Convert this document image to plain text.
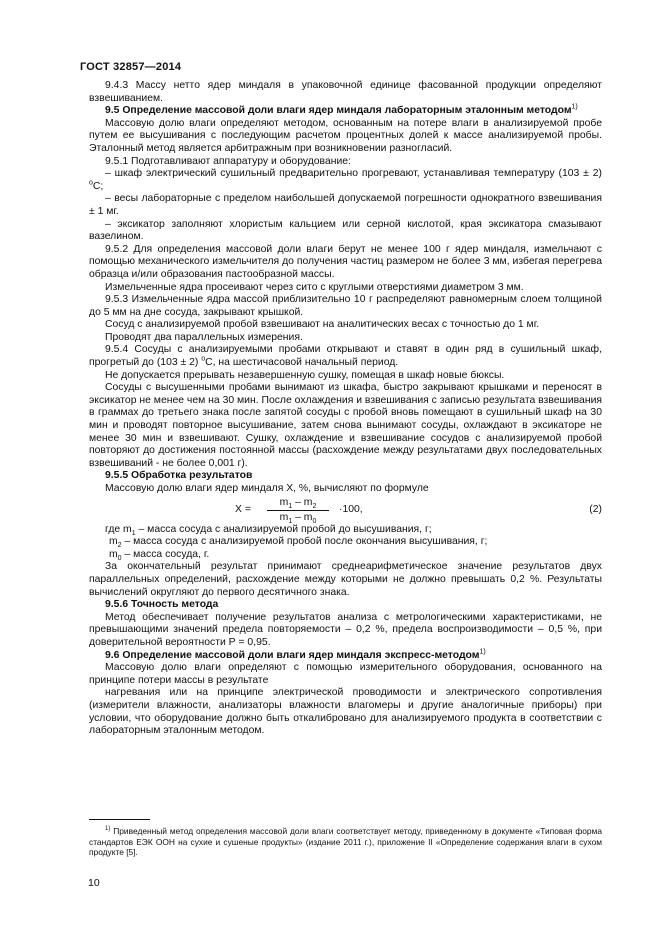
ГОСТ 32857—2014

9.4.3 Массу нетто ядер миндаля в упаковочной единице фасованной продукции определяют взвешиванием.

9.5 Определение массовой доли влаги ядер миндаля лабораторным эталонным методом$^{1)}$

Массовую долю влаги определяют методом, основанным на потере влаги в анализируемой пробе путем ее высушивания с последующим расчетом процентных долей к массе анализируемой пробы. Эталонный метод является арбитражным при возникновении разногласий.

9.5.1 Подготавливают аппаратуру и оборудование:

– шкаф электрический сушильный предварительно прогревают, устанавливая температуру (103 ± 2) $^o$С;

– весы лабораторные с пределом наибольшей допускаемой погрешности однократного взвешивания ± 1 мг.

– эксикатор заполняют хлористым кальцием или серной кислотой, края эксикатора смазывают вазелином.

9.5.2 Для определения массовой доли влаги берут не менее 100 г ядер миндаля, измельчают с помощью механического измельчителя до получения частиц размером не более 3 мм, избегая перегрева образца и/или образования пастообразной массы.

Измельченные ядра просеивают через сито с круглыми отверстиями диаметром 3 мм.

9.5.3 Измельченные ядра массой приблизительно 10 г распределяют равномерным слоем толщиной до 5 мм на дне сосуда, закрывают крышкой.

Сосуд с анализируемой пробой взвешивают на аналитических весах с точностью до 1 мг.

Проводят два параллельных измерения.

9.5.4 Сосуды с анализируемыми пробами открывают и ставят в один ряд в сушильный шкаф, прогретый до (103 ± 2) $^o$С, на шестичасовой начальный период.

Не допускается прерывать незавершенную сушку, помещая в шкаф новые бюксы.

Сосуды с высушенными пробами вынимают из шкафа, быстро закрывают крышками и переносят в эксикатор не менее чем на 30 мин. После охлаждения и взвешивания с записью результата взвешивания в граммах до третьего знака после запятой сосуды с пробой вновь помещают в сушильный шкаф на 30 мин и проводят повторное высушивание, затем снова вынимают сосуды, охлаждают в эксикаторе не менее 30 мин и взвешивают. Сушку, охлаждение и взвешивание сосудов с анализируемой пробой повторяют до достижения постоянной массы (расхождение между результатами двух последовательных взвешиваний - не более 0,001 г).

9.5.5 Обработка результатов

Массовую долю влаги ядер миндаля Х, %, вычисляют по формуле

$Х = \frac{m_1 - m_2}{m_1 - m_0} \cdot 100$,	(2)

где $m_1$ – масса сосуда с анализируемой пробой до высушивания, г;

$m_2$ – масса сосуда с анализируемой пробой после окончания высушивания, г;

$m_0$ – масса сосуда, г.

За окончательный результат принимают среднеарифметическое значение результатов двух параллельных определений, расхождение между которыми не должно превышать 0,2 %. Результаты вычислений округляют до первого десятичного знака.

9.5.6 Точность метода

Метод обеспечивает получение результатов анализа с метрологическими характеристиками, не превышающими значений предела повторяемости – 0,2 %, предела воспроизводимости – 0,5 %, при доверительной вероятности Р = 0,95.

9.6 Определение массовой доли влаги ядер миндаля экспресс-методом$^{1)}$

Массовую долю влаги определяют с помощью измерительного оборудования, основанного на принципе потери массы в результате

нагревания или на принципе электрической проводимости и электрического сопротивления (измерители влажности, анализаторы влажности влагомеры и другие аналогичные приборы) при условии, что оборудование должно быть откалибровано для анализируемого продукта в соответствии с лабораторным эталонным методом.

$^{1)}$ Приведенный метод определения массовой доли влаги соответствует методу, приведенному в документе «Типовая форма стандартов ЕЭК ООН на сухие и сушеные продукты» (издание 2011 г.), приложение II «Определение содержания влаги в сухом продукте [5].
10
